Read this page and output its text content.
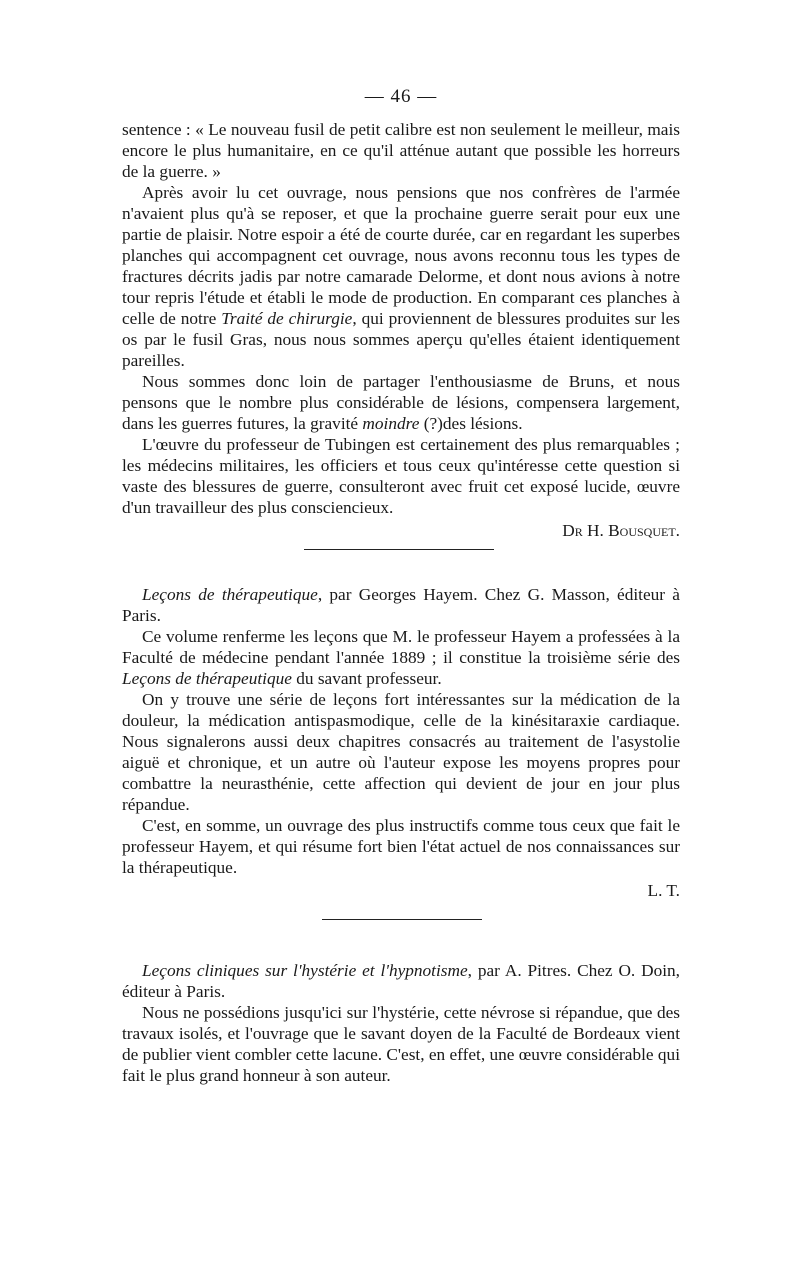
— 46 —

sentence : « Le nouveau fusil de petit calibre est non seulement le meilleur, mais encore le plus humanitaire, en ce qu'il atténue autant que possible les horreurs de la guerre. »

Après avoir lu cet ouvrage, nous pensions que nos confrères de l'armée n'avaient plus qu'à se reposer, et que la prochaine guerre serait pour eux une partie de plaisir. Notre espoir a été de courte durée, car en regardant les superbes planches qui accompagnent cet ouvrage, nous avons reconnu tous les types de fractures décrits jadis par notre camarade Delorme, et dont nous avions à notre tour repris l'étude et établi le mode de production. En comparant ces planches à celle de notre Traité de chirurgie, qui proviennent de blessures produites sur les os par le fusil Gras, nous nous sommes aperçu qu'elles étaient identiquement pareilles.

Nous sommes donc loin de partager l'enthousiasme de Bruns, et nous pensons que le nombre plus considérable de lésions, compensera largement, dans les guerres futures, la gravité moindre (?)des lésions.

L'œuvre du professeur de Tubingen est certainement des plus remarquables ; les médecins militaires, les officiers et tous ceux qu'intéresse cette question si vaste des blessures de guerre, consulteront avec fruit cet exposé lucide, œuvre d'un travailleur des plus consciencieux.

Dr H. Bousquet.

Leçons de thérapeutique, par Georges Hayem. Chez G. Masson, éditeur à Paris.

Ce volume renferme les leçons que M. le professeur Hayem a professées à la Faculté de médecine pendant l'année 1889 ; il constitue la troisième série des Leçons de thérapeutique du savant professeur.

On y trouve une série de leçons fort intéressantes sur la médication de la douleur, la médication antispasmodique, celle de la kinésitaraxie cardiaque. Nous signalerons aussi deux chapitres consacrés au traitement de l'asystolie aiguë et chronique, et un autre où l'auteur expose les moyens propres pour combattre la neurasthénie, cette affection qui devient de jour en jour plus répandue.

C'est, en somme, un ouvrage des plus instructifs comme tous ceux que fait le professeur Hayem, et qui résume fort bien l'état actuel de nos connaissances sur la thérapeutique.

L. T.

Leçons cliniques sur l'hystérie et l'hypnotisme, par A. Pitres. Chez O. Doin, éditeur à Paris.

Nous ne possédions jusqu'ici sur l'hystérie, cette névrose si répandue, que des travaux isolés, et l'ouvrage que le savant doyen de la Faculté de Bordeaux vient de publier vient combler cette lacune. C'est, en effet, une œuvre considérable qui fait le plus grand honneur à son auteur.
